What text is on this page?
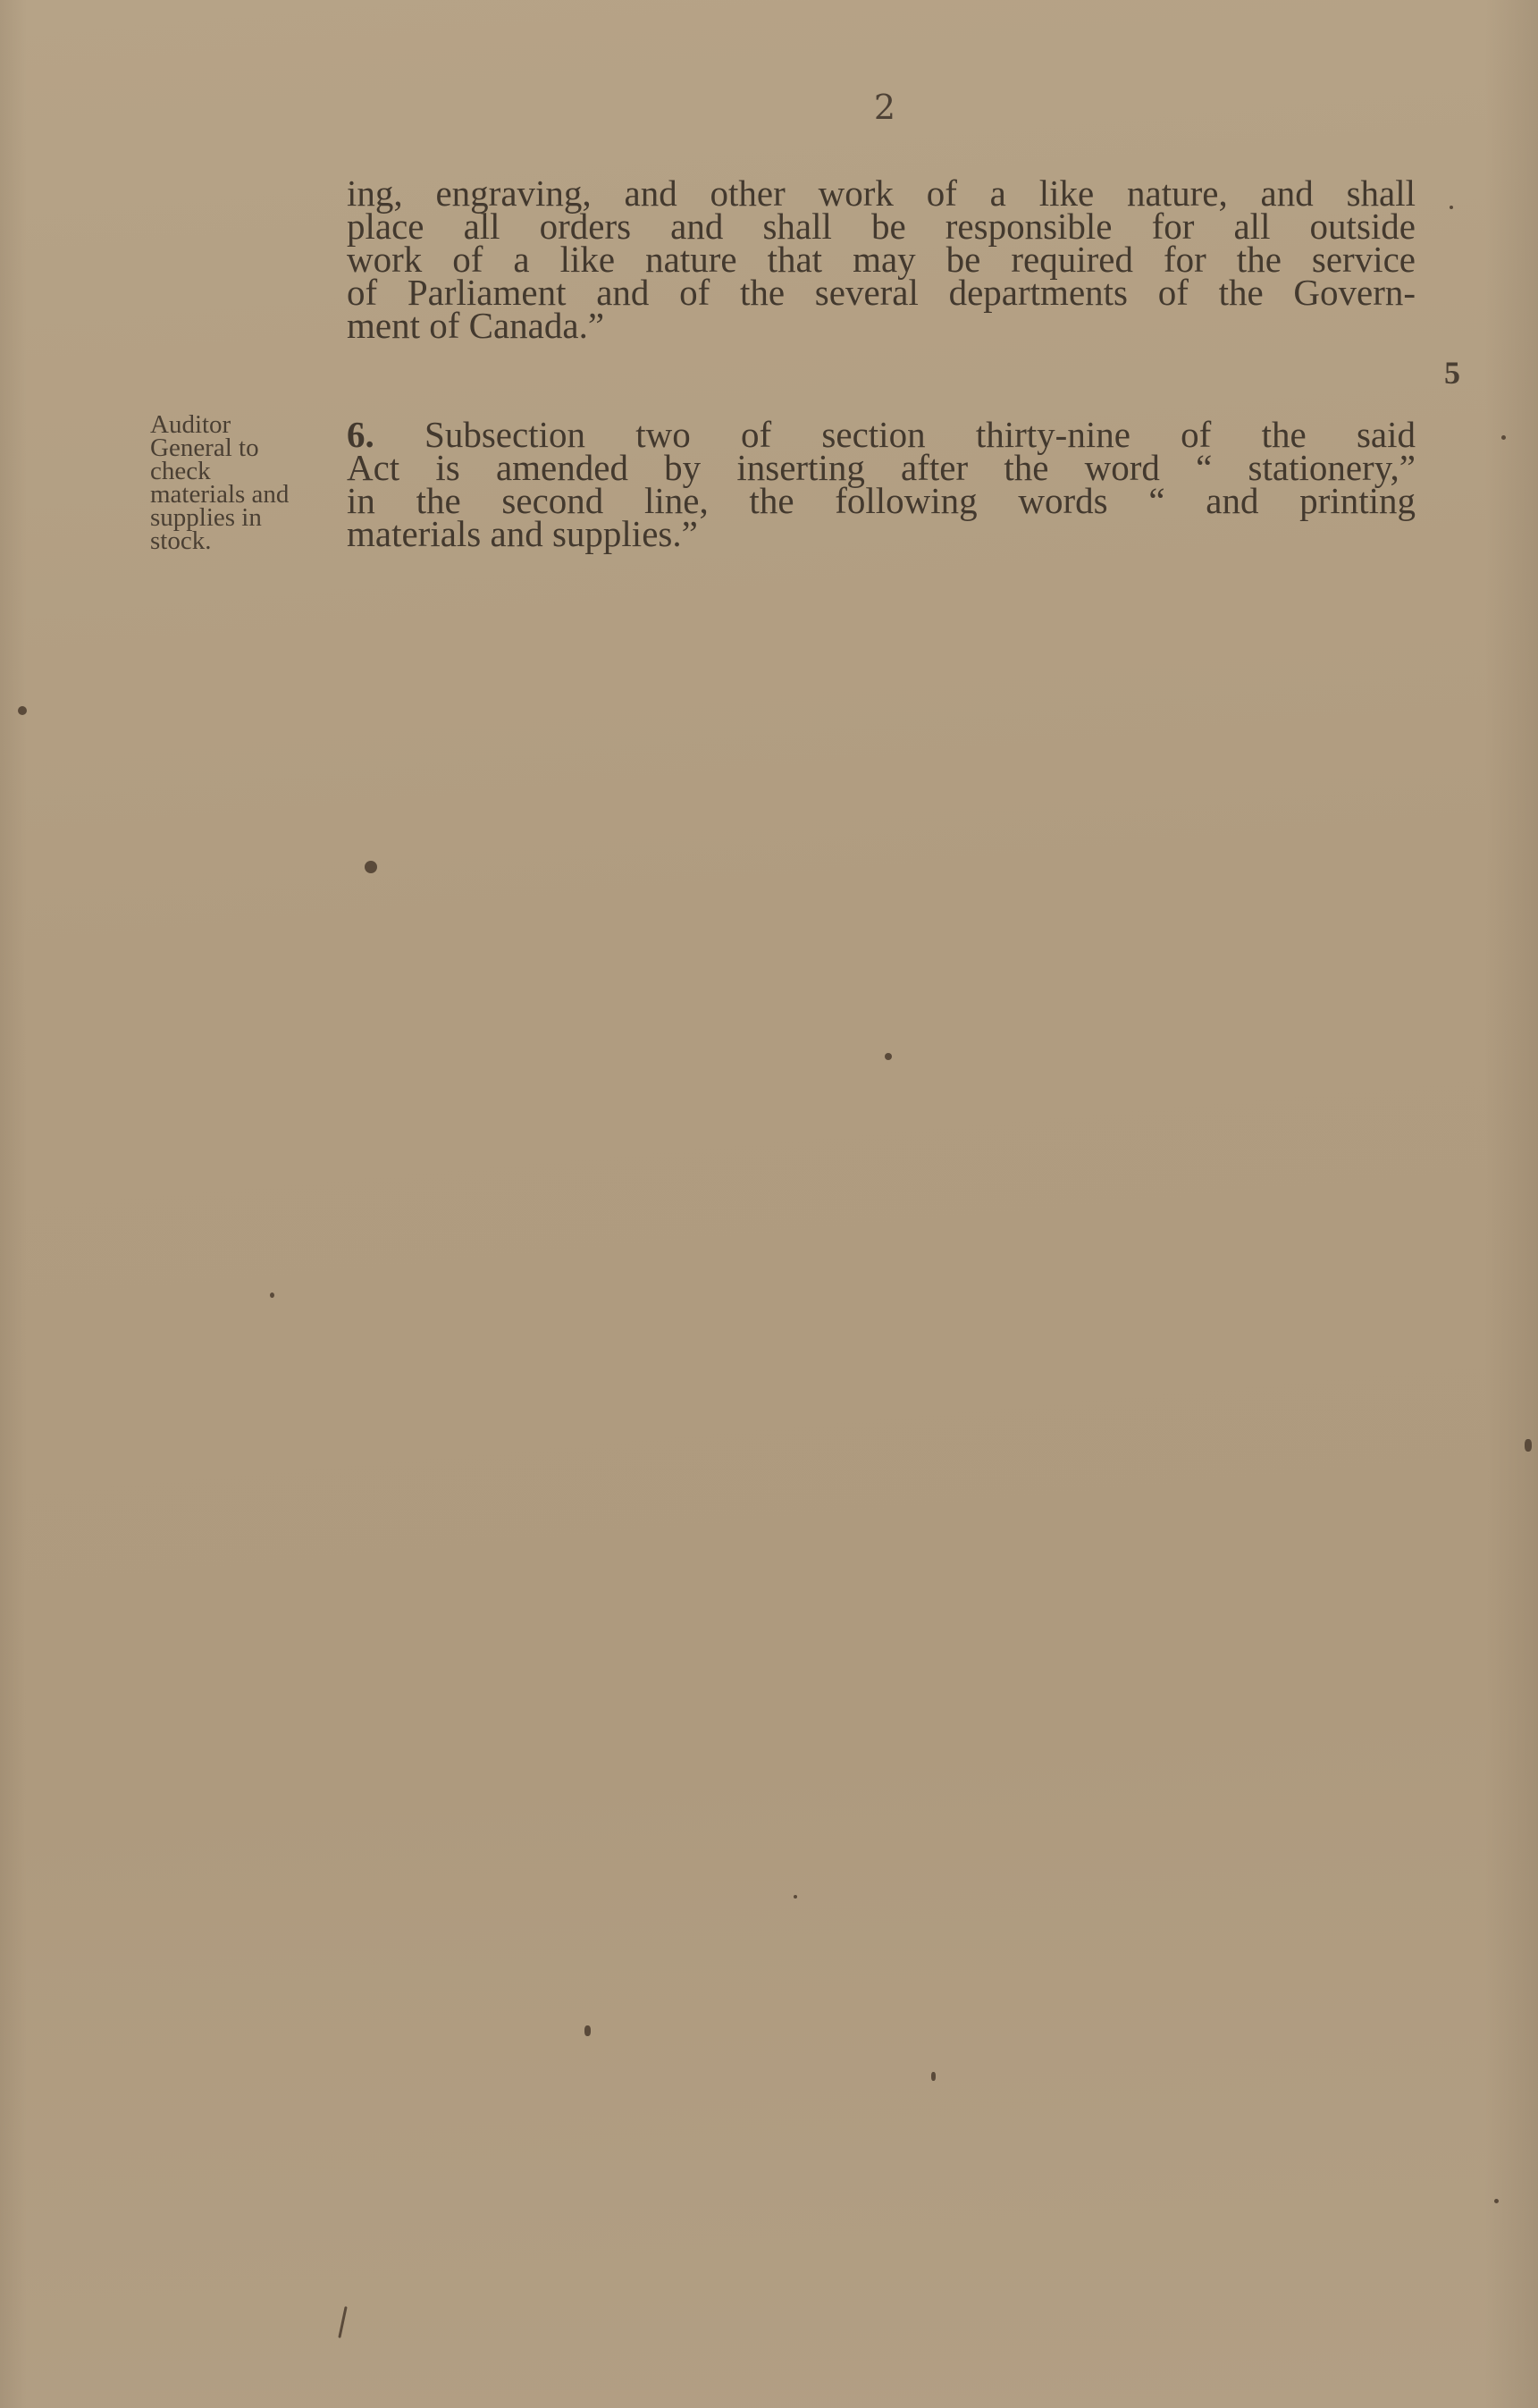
2
ing, engraving, and other work of a like nature, and shall
place all orders and shall be responsible for all outside
work of a like nature that may be required for the service
of Parliament and of the several departments of the Govern-
ment of Canada.”
5
Auditor
General to
check
materials and
supplies in
stock.
6. Subsection two of section thirty-nine of the said
Act is amended by inserting after the word “ stationery,”
in the second line, the following words “ and printing
materials and supplies.”
